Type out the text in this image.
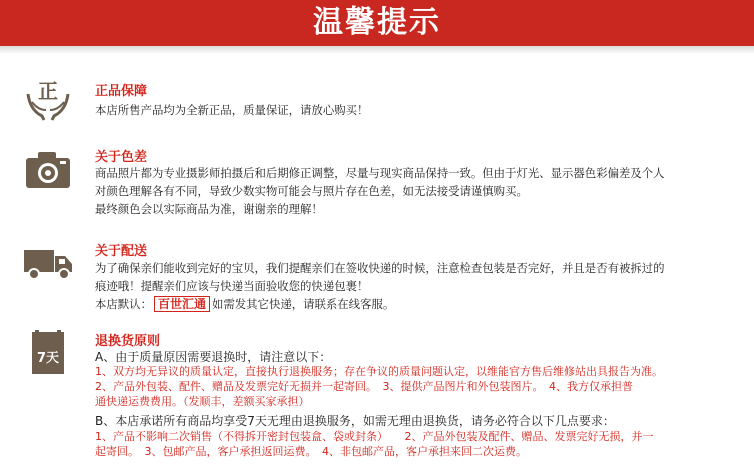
温馨提示
正	正品保障
本店所售产品均为全新正品，质量保证，请放心购买！
关于色差
商品照片都为专业摄影师拍摄后和后期修正调整，尽量与现实商品保持一致。但由于灯光、显示器色彩偏差及个人
对颜色理解各有不同，导致少数实物可能会与照片存在色差，如无法接受请谨慎购买。
最终颜色会以实际商品为准，谢谢亲的理解！
关于配送
为了确保亲们能收到完好的宝贝，我们提醒亲们在签收快递的时候，注意检查包装是否完好，并且是否有被拆过的
痕迹哦！提醒亲们应该与快递当面验收您的快递包裹！
本店默认： 百世汇通 如需发其它快递，请联系在线客服。
7天
退换货原则
A、由于质量原因需要退换时，请注意以下：
1、双方均无异议的质量认定，直接执行退换服务；存在争议的质量问题认定，以维能官方售后维修站出具报告为准。
2、产品外包装、配件、赠品及发票完好无损并一起寄回。　3、提供产品图片和外包装图片。　4、我方仅承担普
通快递运费费用。（发顺丰，差额买家承担）
B、本店承诺所有商品均享受7天无理由退换服务，如需无理由退换货，请务必符合以下几点要求：
1、产品不影响二次销售（不得拆开密封包装盒、袋或封条）　　2、产品外包装及配件、赠品、发票完好无损，并一
起寄回。　3、包邮产品，客户承担返回运费。　4、非包邮产品，客户承担来回二次运费。
